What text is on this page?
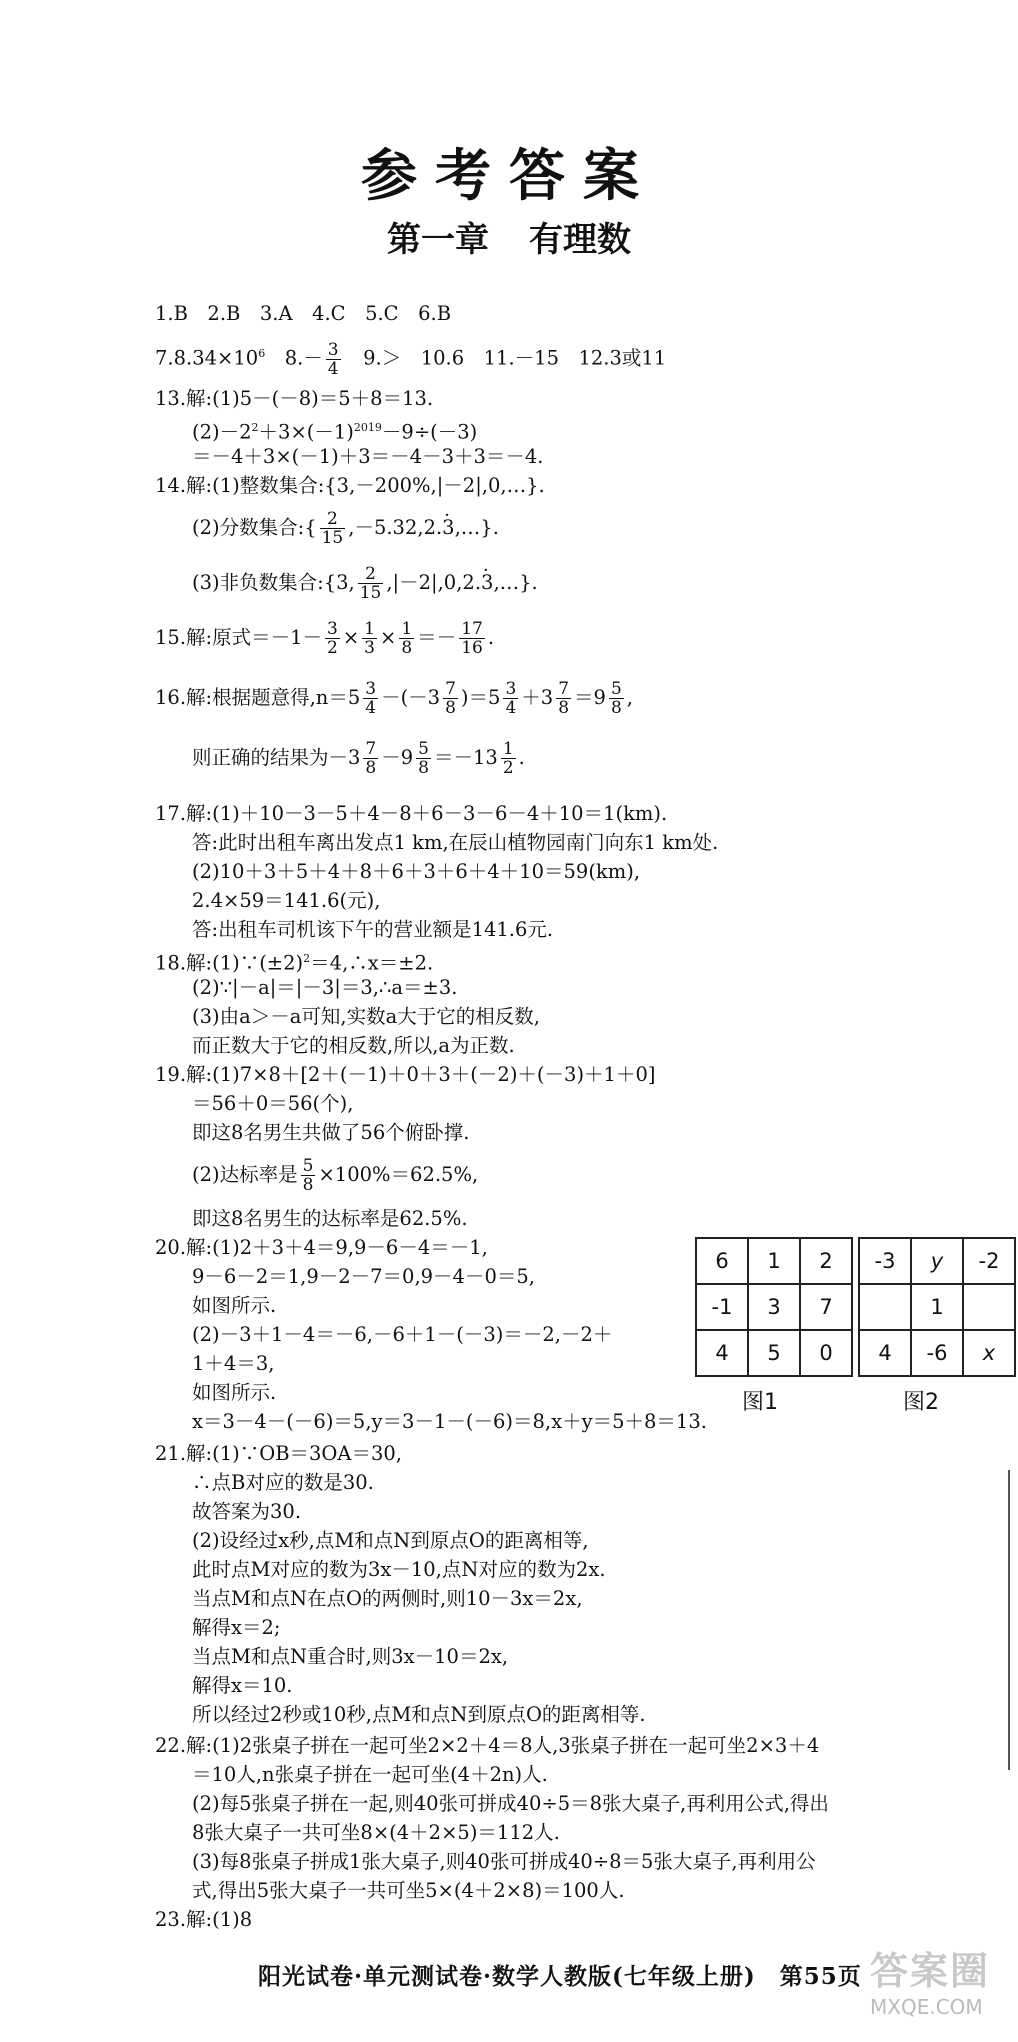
参考答案
第一章 有理数
1.B　2.B　3.A　4.C　5.C　6.B
$7.8.34\times 10^6$　$8.- \frac{3}{4}$ 　9.＞　10.6　11.－15　12.3或11
13.解:(1)5－(－8)＝5＋8＝13.
$(2)-2^2+3\times(-1)^{2019}-9\div(-3)$
＝－4＋3×(－1)＋3＝－4－3＋3＝－4.
14.解:(1)整数集合:{3,－200%,|－2|,0,…}.
(2)分数集合:{ $\frac{2}{15} ,-5.32,2.3$ ·,…}.
(3)非负数集合:{3, $\frac{2}{15} ,|-2|,0,2.3$ ·,…}.
15.解:原式$=-1- \frac{3}{2} \times \frac{1}{3} \times \frac{1}{8} =- \frac{17}{16}$ .
16.解:根据题意得$,n=5 \frac{3}{4} -(-3 \frac{7}{8} )=5 \frac{3}{4} +3 \frac{7}{8} =9 \frac{5}{8}$ ,
则正确的结果为$-3 \frac{7}{8} -9 \frac{5}{8} =-13 \frac{1}{2}$ .
17.解:(1)＋10－3－5＋4－8＋6－3－6－4＋10＝1(km).
答:此时出租车离出发点1 km,在辰山植物园南门向东1 km处.
(2)10＋3＋5＋4＋8＋6＋3＋6＋4＋10＝59(km),
2.4×59＝141.6(元),
答:出租车司机该下午的营业额是141.6元.
18.解$:(1)\because(\pm 2)^2=4,\therefore x=\pm 2$.
(2)∵|－a|＝|－3|＝3,∴a＝±3.
(3)由a＞－a可知,实数a大于它的相反数,
而正数大于它的相反数,所以,a为正数.
19.解:(1)7×8＋[2＋(－1)＋0＋3＋(－2)＋(－3)＋1＋0]
＝56＋0＝56(个),
即这8名男生共做了56个俯卧撑.
(2)达标率是 $\frac{5}{8} \times 100\%=62.5\%$,
即这8名男生的达标率是62.5%.
20.解:(1)2＋3＋4＝9,9－6－4＝－1,
9－6－2＝1,9－2－7＝0,9－4－0＝5,
如图所示.
(2)－3＋1－4＝－6,－6＋1－(－3)＝－2,－2＋
1＋4＝3,
如图所示.
x＝3－4－(－6)＝5,y＝3－1－(－6)＝8,x＋y＝5＋8＝13.
6	1	2
-1	3	7
4	5	0
图1
-3	y	-2
	1	
4	-6	x
图2
21.解:(1)∵OB＝3OA＝30,
∴点B对应的数是30.
故答案为30.
(2)设经过x秒,点M和点N到原点O的距离相等,
此时点M对应的数为3x－10,点N对应的数为2x.
当点M和点N在点O的两侧时,则10－3x＝2x,
解得x＝2;
当点M和点N重合时,则3x－10＝2x,
解得x＝10.
所以经过2秒或10秒,点M和点N到原点O的距离相等.
22.解:(1)2张桌子拼在一起可坐2×2＋4＝8人,3张桌子拼在一起可坐2×3＋4
＝10人,n张桌子拼在一起可坐(4＋2n)人.
(2)每5张桌子拼在一起,则40张可拼成40÷5＝8张大桌子,再利用公式,得出
8张大桌子一共可坐8×(4＋2×5)＝112人.
(3)每8张桌子拼成1张大桌子,则40张可拼成40÷8＝5张大桌子,再利用公
式,得出5张大桌子一共可坐5×(4＋2×8)＝100人.
23.解:(1)8
阳光试卷·单元测试卷·数学人教版(七年级上册)　第55页 答案圈
MXQE.COM
